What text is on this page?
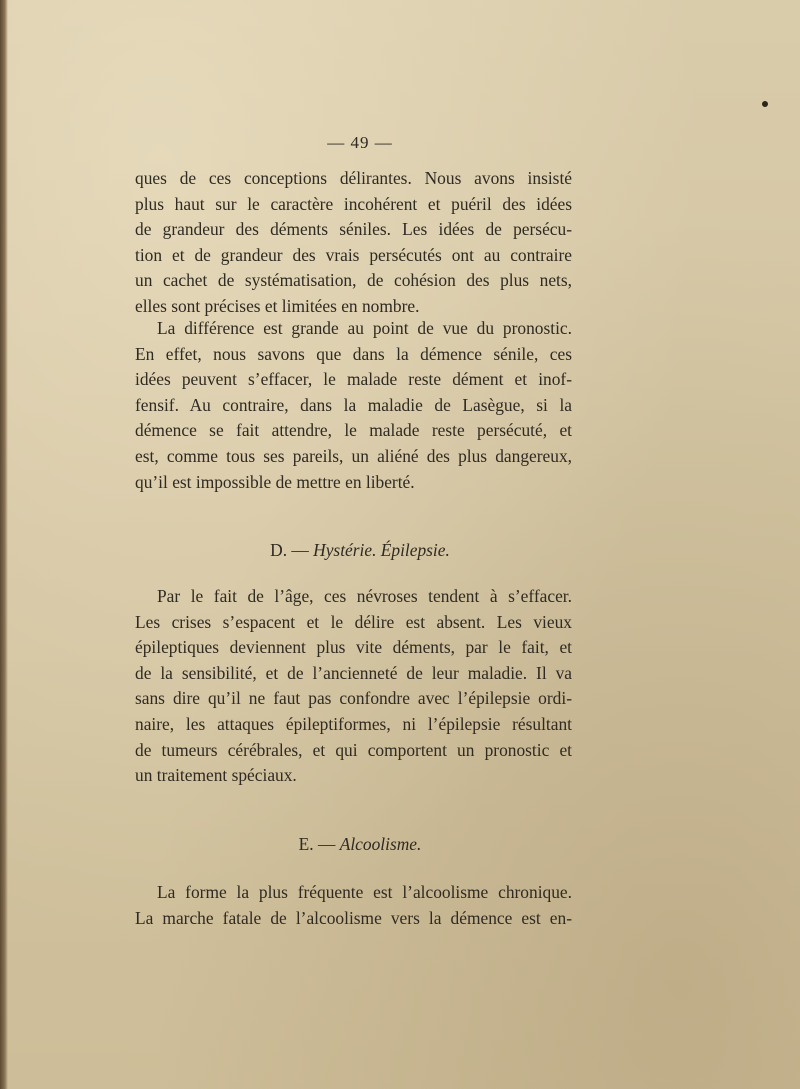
— 49 —
ques de ces conceptions délirantes. Nous avons insisté
plus haut sur le caractère incohérent et puéril des idées
de grandeur des déments séniles. Les idées de persécu-
tion et de grandeur des vrais persécutés ont au contraire
un cachet de systématisation, de cohésion des plus nets,
elles sont précises et limitées en nombre.
La différence est grande au point de vue du pronostic.
En effet, nous savons que dans la démence sénile, ces
idées peuvent s’effacer, le malade reste dément et inof-
fensif. Au contraire, dans la maladie de Lasègue, si la
démence se fait attendre, le malade reste persécuté, et
est, comme tous ses pareils, un aliéné des plus dangereux,
qu’il est impossible de mettre en liberté.
D. — Hystérie. Épilepsie.
Par le fait de l’âge, ces névroses tendent à s’effacer.
Les crises s’espacent et le délire est absent. Les vieux
épileptiques deviennent plus vite déments, par le fait, et
de la sensibilité, et de l’ancienneté de leur maladie. Il va
sans dire qu’il ne faut pas confondre avec l’épilepsie ordi-
naire, les attaques épileptiformes, ni l’épilepsie résultant
de tumeurs cérébrales, et qui comportent un pronostic et
un traitement spéciaux.
E. — Alcoolisme.
La forme la plus fréquente est l’alcoolisme chronique.
La marche fatale de l’alcoolisme vers la démence est en-
